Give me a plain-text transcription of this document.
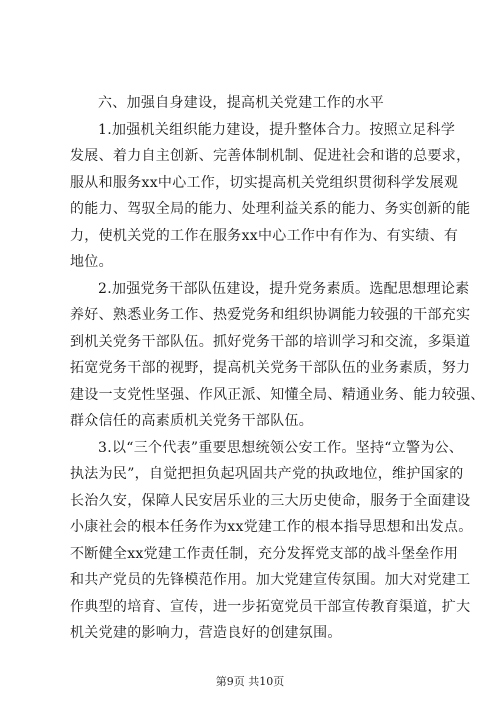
六、加强自身建设，提高机关党建工作的水平
1.加强机关组织能力建设，提升整体合力。按照立足科学
发展、着力自主创新、完善体制机制、促进社会和谐的总要求，
服从和服务xx中心工作，切实提高机关党组织贯彻科学发展观
的能力、驾驭全局的能力、处理利益关系的能力、务实创新的能
力，使机关党的工作在服务xx中心工作中有作为、有实绩、有
地位。
2.加强党务干部队伍建设，提升党务素质。选配思想理论素
养好、熟悉业务工作、热爱党务和组织协调能力较强的干部充实
到机关党务干部队伍。抓好党务干部的培训学习和交流，多渠道
拓宽党务干部的视野，提高机关党务干部队伍的业务素质，努力
建设一支党性坚强、作风正派、知懂全局、精通业务、能力较强、
群众信任的高素质机关党务干部队伍。
3.以“三个代表”重要思想统领公安工作。坚持“立警为公、
执法为民”，自觉把担负起巩固共产党的执政地位，维护国家的
长治久安，保障人民安居乐业的三大历史使命，服务于全面建设
小康社会的根本任务作为xx党建工作的根本指导思想和出发点。
不断健全xx党建工作责任制，充分发挥党支部的战斗堡垒作用
和共产党员的先锋模范作用。加大党建宣传氛围。加大对党建工
作典型的培育、宣传，进一步拓宽党员干部宣传教育渠道，扩大
机关党建的影响力，营造良好的创建氛围。
第9页 共10页
